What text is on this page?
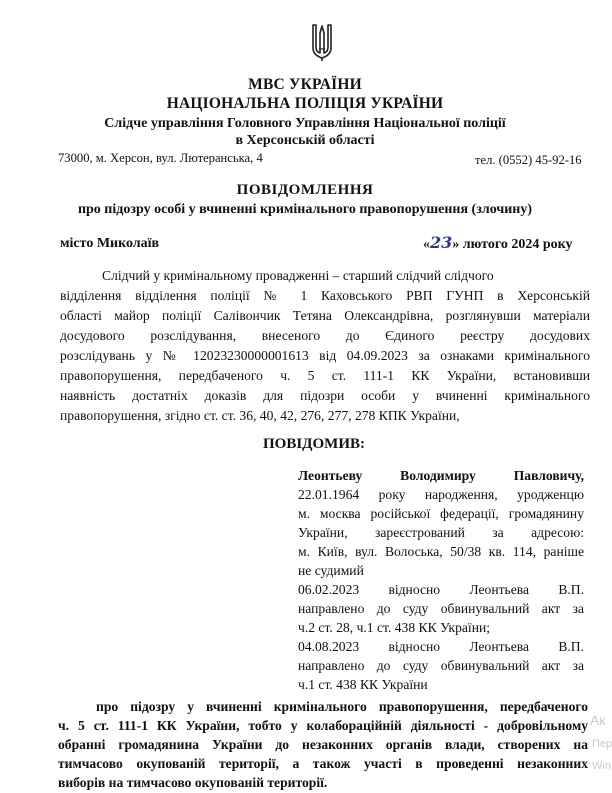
МВС УКРАЇНИ
НАЦІОНАЛЬНА ПОЛІЦІЯ УКРАЇНИ
Слідче управління Головного Управління Національної поліції
в Херсонській області
73000, м. Херсон, вул. Лютеранська, 4	тел. (0552) 45-92-16
ПОВІДОМЛЕННЯ
про підозру особі у вчиненні кримінального правопорушення (злочину)
місто Миколаїв	«23» лютого 2024 року
Слідчий у кримінальному провадженні – старший слідчий слідчого
відділення відділення поліції № 1 Каховського РВП ГУНП в Херсонській
області майор поліції Салівончик Тетяна Олександрівна, розглянувши матеріали
досудового розслідування, внесеного до Єдиного реєстру досудових
розслідувань у № 12023230000001613 від 04.09.2023 за ознаками кримінального
правопорушення, передбаченого ч. 5 ст. 111-1 КК України, встановивши
наявність достатніх доказів для підозри особи у вчиненні кримінального
правопорушення, згідно ст. ст. 36, 40, 42, 276, 277, 278 КПК України,
ПОВІДОМИВ:
Леонтьеву Володимиру Павловичу,
22.01.1964 року народження, уродженцю
м. москва російської федерації, громадянину
України, зареєстрований за адресою:
м. Київ, вул. Волоська, 50/38 кв. 114, раніше
не судимий
06.02.2023 відносно Леонтьева В.П.
направлено до суду обвинувальний акт за
ч.2 ст. 28, ч.1 ст. 438 КК України;
04.08.2023 відносно Леонтьева В.П.
направлено до суду обвинувальний акт за
ч.1 ст. 438 КК України
про підозру у вчиненні кримінального правопорушення, передбаченого
ч. 5 ст. 111-1 КК України, тобто у колабораційній діяльності - добровільному
обранні громадянина України до незаконних органів влади, створених на
тимчасово окупованій території, а також участі в проведенні незаконних
виборів на тимчасово окупованій території.
Ак
Пер
Win
